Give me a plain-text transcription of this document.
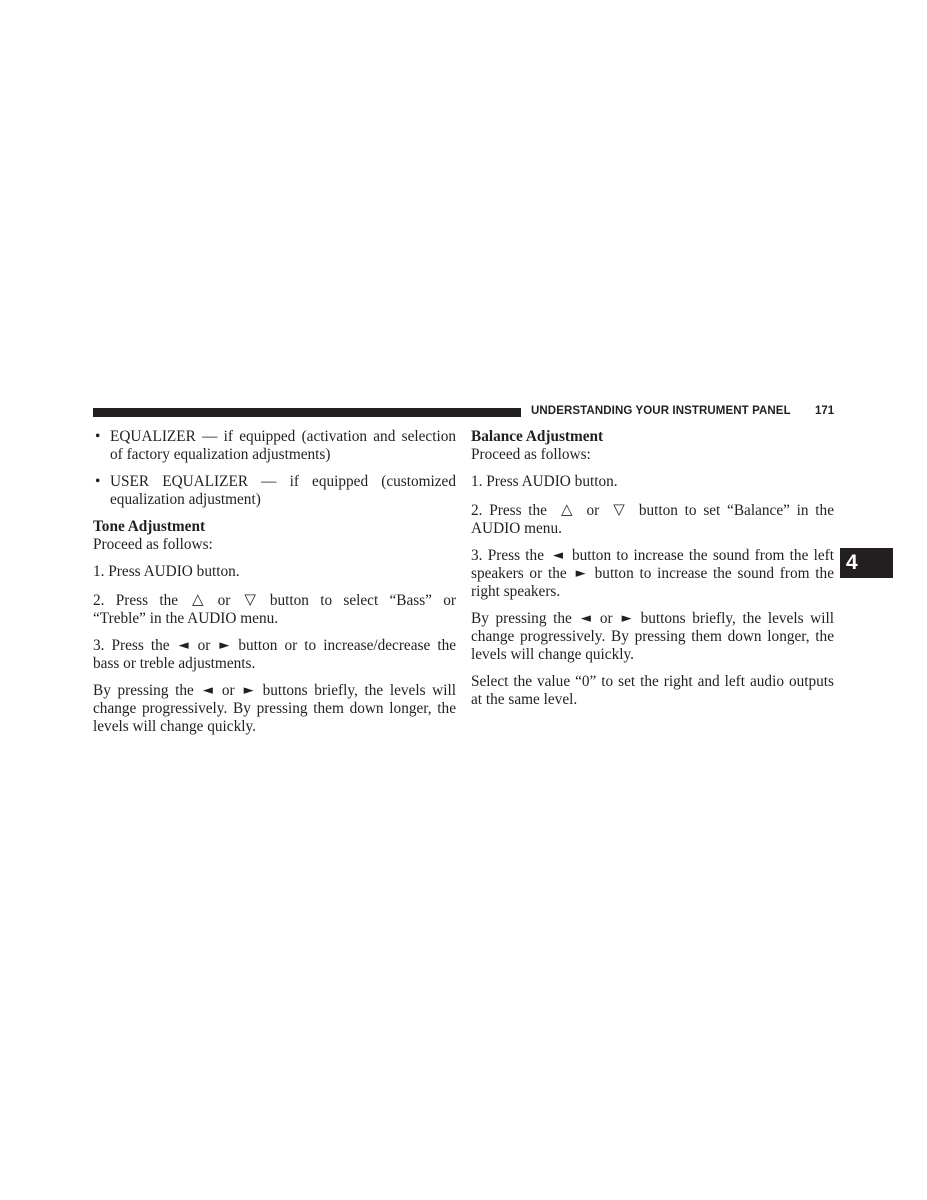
UNDERSTANDING YOUR INSTRUMENT PANEL 171
4

• EQUALIZER — if equipped (activation and selection of factory equalization adjustments)

• USER EQUALIZER — if equipped (customized equalization adjustment)

Tone Adjustment

Proceed as follows:

1. Press AUDIO button.

2. Press the △ or ▽ button to select “Bass” or “Treble” in the AUDIO menu.

3. Press the ◄ or ► button or to increase/decrease the bass or treble adjustments.

By pressing the ◄ or ► buttons briefly, the levels will change progressively. By pressing them down longer, the levels will change quickly.

Balance Adjustment

Proceed as follows:

1. Press AUDIO button.

2. Press the △ or ▽ button to set “Balance” in the AUDIO menu.

3. Press the ◄ button to increase the sound from the left speakers or the ► button to increase the sound from the right speakers.

By pressing the ◄ or ► buttons briefly, the levels will change progressively. By pressing them down longer, the levels will change quickly.

Select the value “0” to set the right and left audio outputs at the same level.
